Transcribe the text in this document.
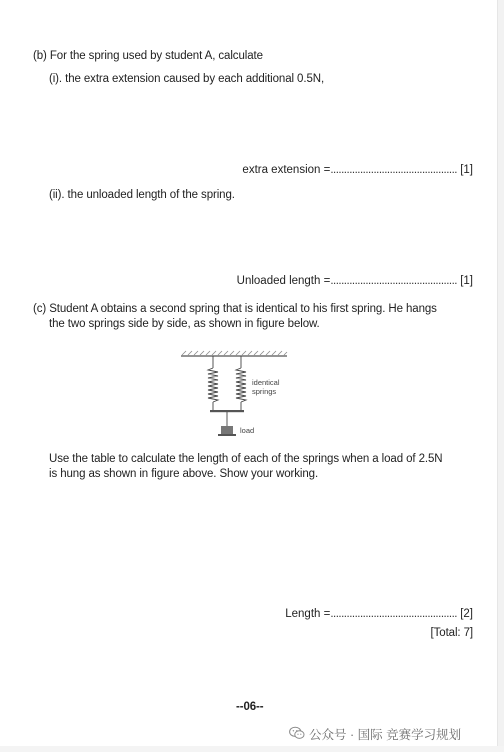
(b) For the spring used by student A, calculate
(i). the extra extension caused by each additional 0.5N,
extra extension =............................................... [1]
(ii). the unloaded length of the spring.
Unloaded length =............................................... [1]
(c) Student A obtains a second spring that is identical to his first spring. He hangs
the two springs side by side, as shown in figure below.
identical
springs
load
Use the table to calculate the length of each of the springs when a load of 2.5N
is hung as shown in figure above. Show your working.
Length =............................................... [2]
[Total: 7]
--06--
公众号 · 国际 竞赛学习规划
